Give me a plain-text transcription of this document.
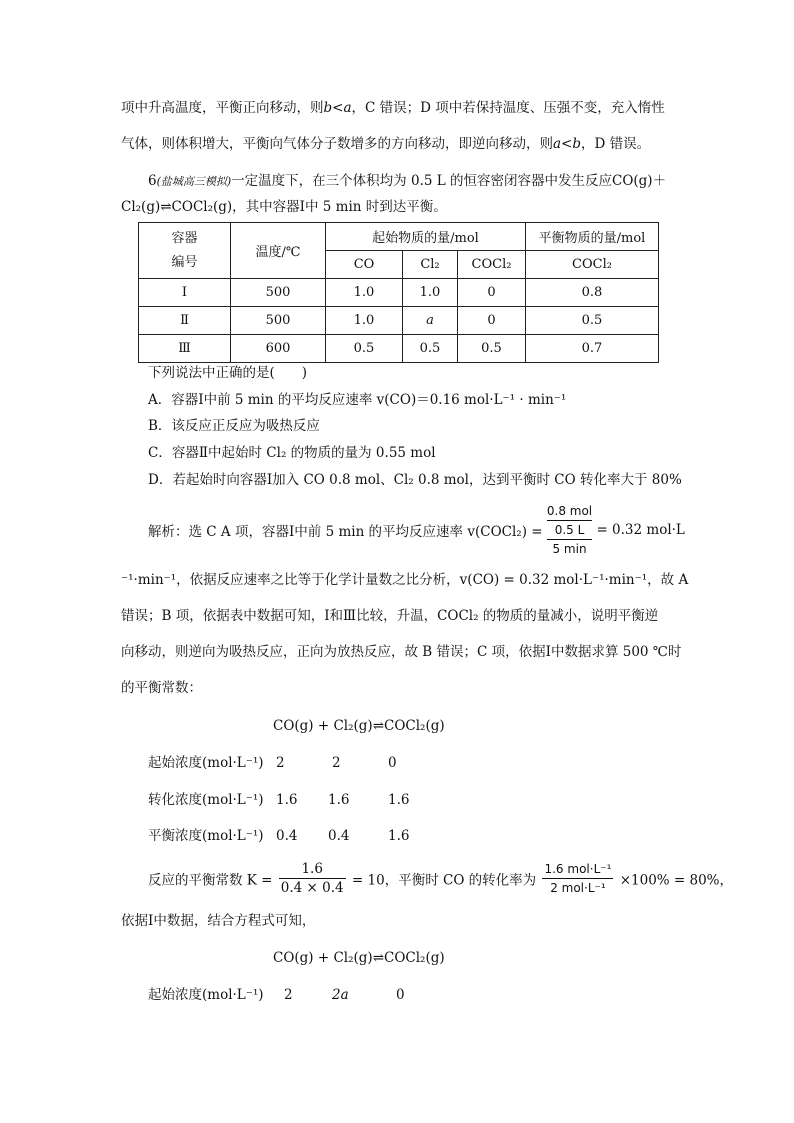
项中升高温度，平衡正向移动，则b<a，C 错误；D 项中若保持温度、压强不变，充入惰性
气体，则体积增大，平衡向气体分子数增多的方向移动，即逆向移动，则a<b，D 错误。
6(盐城高三模拟)一定温度下，在三个体积均为 0.5 L 的恒容密闭容器中发生反应CO(g)＋
Cl₂(g)⇌COCl₂(g)，其中容器Ⅰ中 5 min 时到达平衡。
容器
编号	温度/℃	起始物质的量/mol			平衡物质的量/mol
		CO	Cl₂	COCl₂	COCl₂
Ⅰ	500	1.0	1.0	0	0.8
Ⅱ	500	1.0	a	0	0.5
Ⅲ	600	0.5	0.5	0.5	0.7
下列说法中正确的是(　　)
A．容器Ⅰ中前 5 min 的平均反应速率 v(CO)＝0.16 mol·L⁻¹ · min⁻¹
B．该反应正反应为吸热反应
C．容器Ⅱ中起始时 Cl₂ 的物质的量为 0.55 mol
D．若起始时向容器Ⅰ加入 CO 0.8 mol、Cl₂ 0.8 mol，达到平衡时 CO 转化率大于 80%
解析：选 C A 项，容器Ⅰ中前 5 min 的平均反应速率 v(COCl₂) =
0.8 mol
0.5 L
5 min
= 0.32 mol·L
⁻¹·min⁻¹，依据反应速率之比等于化学计量数之比分析，v(CO) = 0.32 mol·L⁻¹·min⁻¹，故 A
错误；B 项，依据表中数据可知，Ⅰ和Ⅲ比较，升温，COCl₂ 的物质的量减小，说明平衡逆
向移动，则逆向为吸热反应，正向为放热反应，故 B 错误；C 项，依据Ⅰ中数据求算 500 ℃时
的平衡常数：
CO(g) + Cl₂(g)⇌COCl₂(g)
起始浓度(mol·L⁻¹) 2	2	0
转化浓度(mol·L⁻¹) 1.6 1.6	1.6
平衡浓度(mol·L⁻¹) 0.4 0.4	1.6
反应的平衡常数 $K = \frac{1.6}{0.4 \times 0.4} = 10$，平衡时 CO 的转化率为 $\frac{\text{1.6 mol·L⁻¹}}{\text{2 mol·L⁻¹}} \times 100\% = 80\%$，
依据Ⅰ中数据，结合方程式可知，
CO(g) + Cl₂(g)⇌COCl₂(g)
起始浓度(mol·L⁻¹) 2	2a	0
